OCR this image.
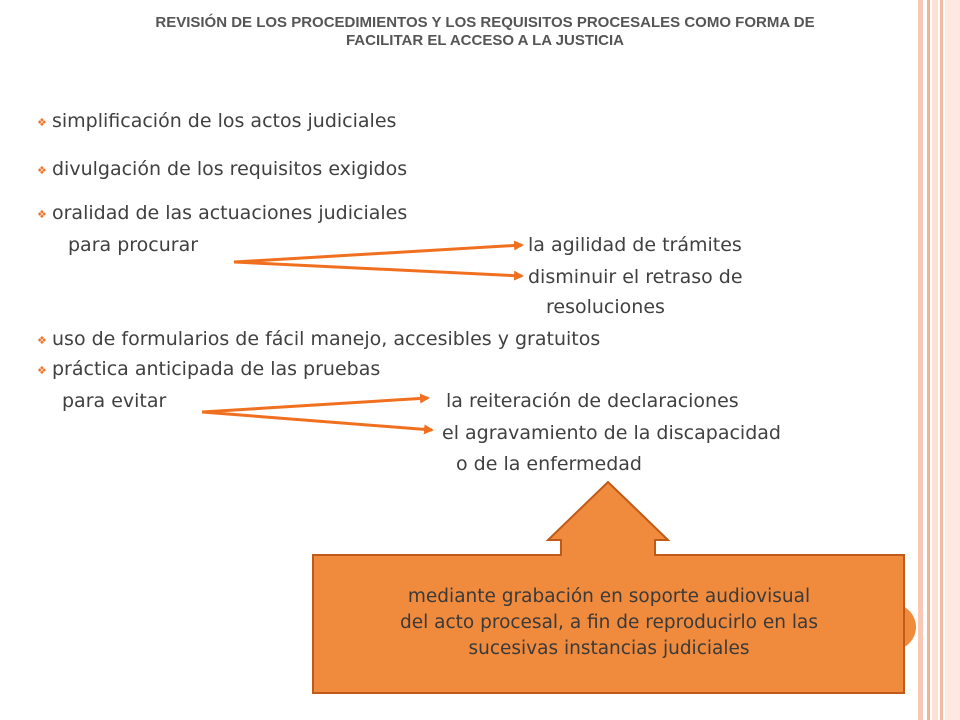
REVISIÓN DE LOS PROCEDIMIENTOS Y LOS REQUISITOS PROCESALES COMO FORMA DE
FACILITAR EL ACCESO A LA JUSTICIA
❖ simplificación de los actos judiciales
❖ divulgación de los requisitos exigidos
❖ oralidad de las actuaciones judiciales
para procurar	la agilidad de trámites
disminuir el retraso de
resoluciones
❖ uso de formularios de fácil manejo, accesibles y gratuitos
❖ práctica anticipada de las pruebas
para evitar	la reiteración de declaraciones
el agravamiento de la discapacidad
o de la enfermedad
mediante grabación en soporte audiovisual
del acto procesal, a fin de reproducirlo en las
sucesivas instancias judiciales
